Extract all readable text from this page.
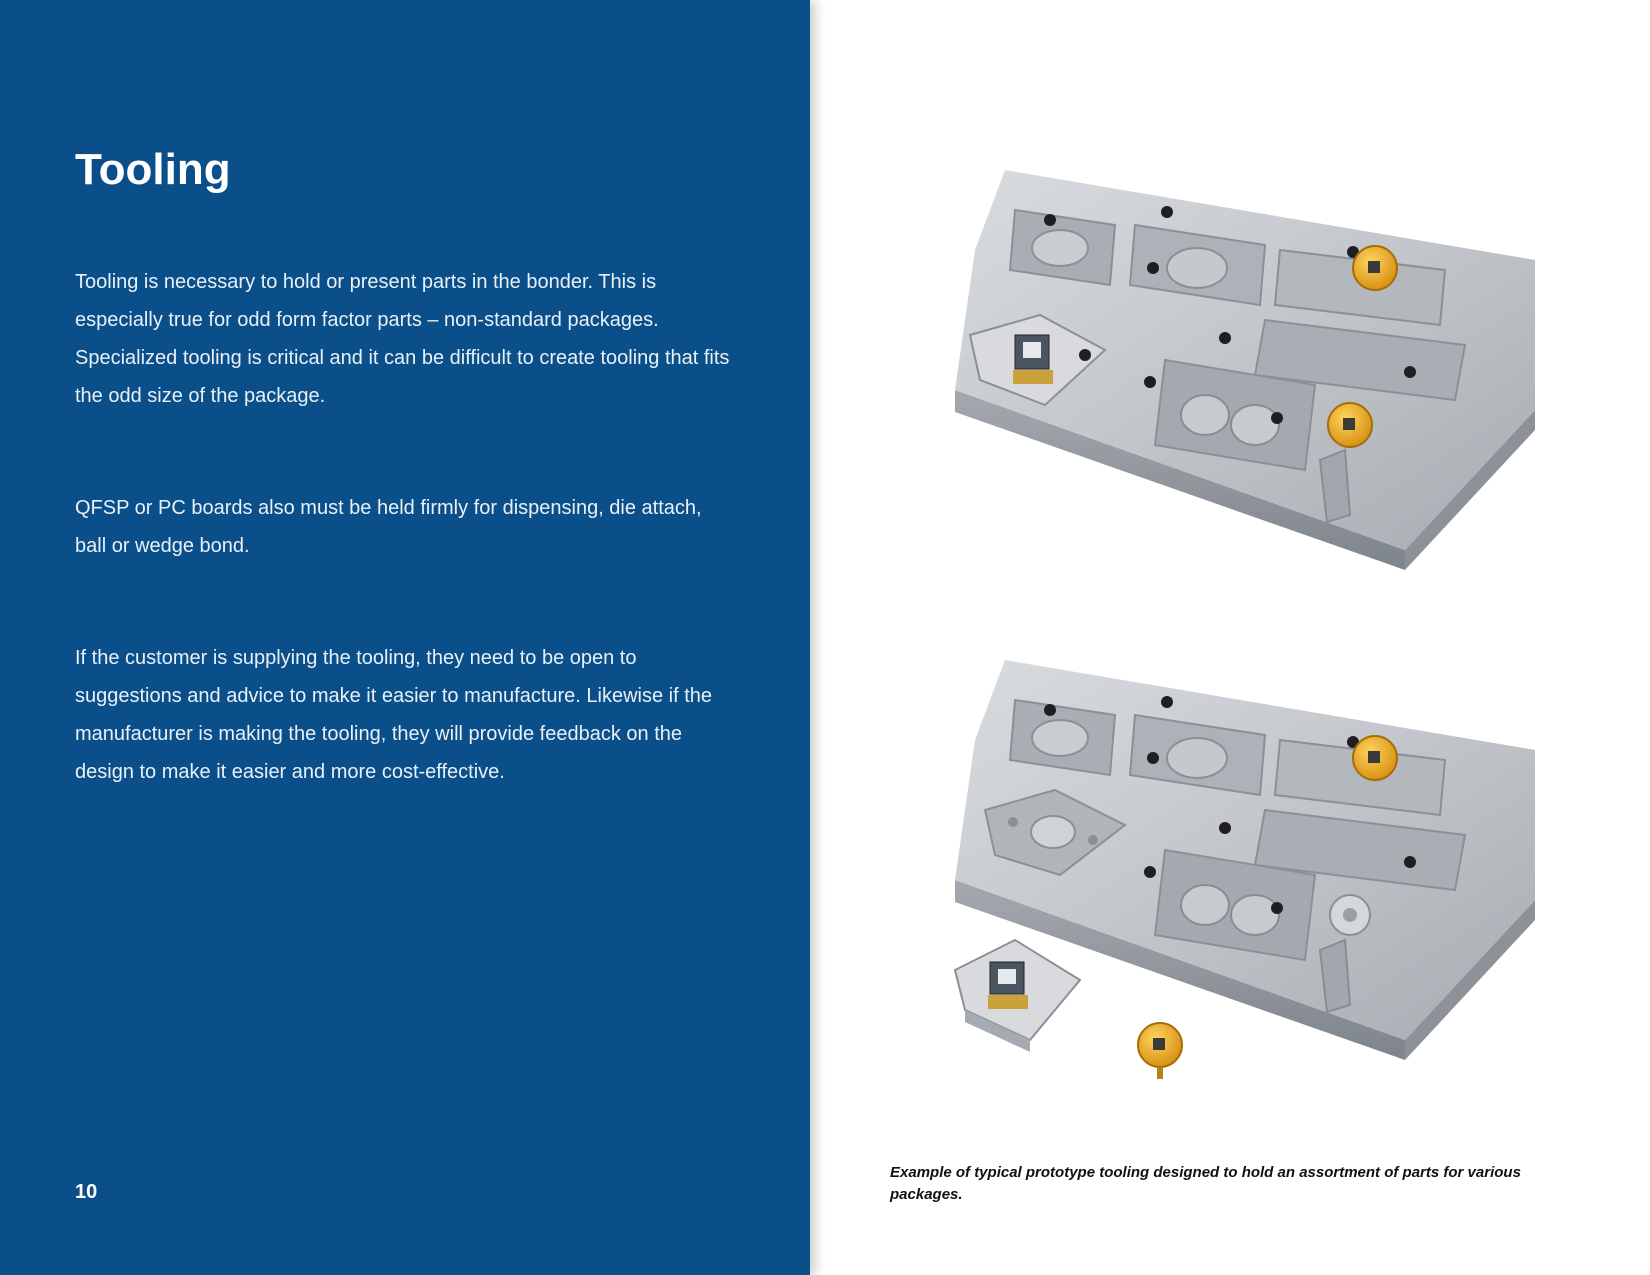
Tooling

Tooling is necessary to hold or present parts in the bonder. This is especially true for odd form factor parts – non-standard packages. Specialized tooling is critical and it can be difficult to create tooling that fits the odd size of the package.

QFSP or PC boards also must be held firmly for dispensing, die attach, ball or wedge bond.

If the customer is supplying the tooling, they need to be open to suggestions and advice to make it easier to manufacture. Likewise if the manufacturer is making the tooling, they will provide feedback on the design to make it easier and more cost-effective.

10

Example of typical prototype tooling designed to hold an assortment of parts for various packages.
